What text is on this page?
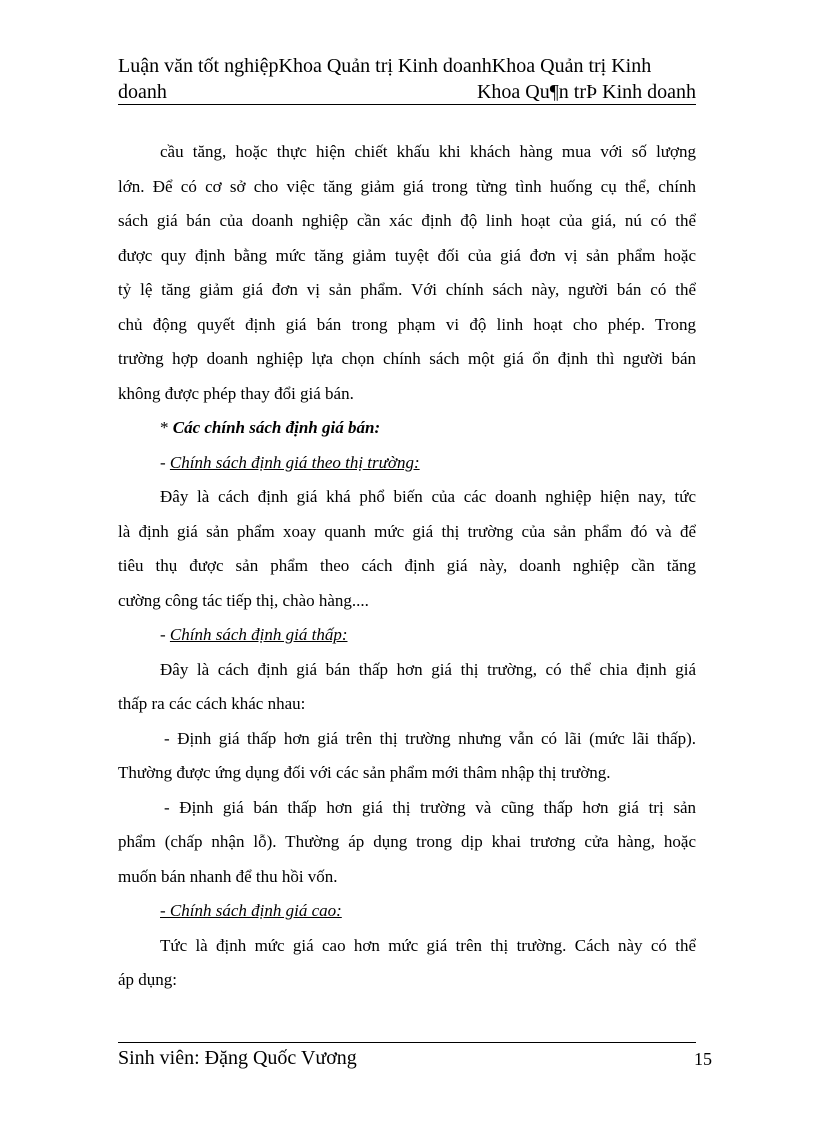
Luận văn tốt nghiệpKhoa Quản trị Kinh doanhKhoa Quản trị Kinh
doanh	Khoa Qu¶n trÞ Kinh doanh

cầu tăng, hoặc thực hiện chiết khấu khi khách hàng mua với số lượng

lớn. Để có cơ sở cho việc tăng giảm giá trong từng tình huống cụ thể, chính

sách giá bán của doanh nghiệp cần xác định độ linh hoạt của giá, nú có thể

được quy định bằng mức tăng giảm tuyệt đối của giá đơn vị sản phẩm hoặc

tỷ lệ tăng giảm giá đơn vị sản phẩm. Với chính sách này, người bán có thể

chủ động quyết định giá bán trong phạm vi độ linh hoạt cho phép. Trong

trường hợp doanh nghiệp lựa chọn chính sách một giá ổn định thì người bán

không được phép thay đổi giá bán.

* Các chính sách định giá bán:

- Chính sách định giá theo thị trường:

Đây là cách định giá khá phổ biến của các doanh nghiệp hiện nay, tức

là định giá sản phẩm xoay quanh mức giá thị trường của sản phẩm đó và để

tiêu thụ được sản phẩm theo cách định giá này, doanh nghiệp cần tăng

cường công tác tiếp thị, chào hàng....

- Chính sách định giá thấp:

Đây là cách định giá bán thấp hơn giá thị trường, có thể chia định giá

thấp ra các cách khác nhau:

- Định giá thấp hơn giá trên thị trường nhưng vẫn có lãi (mức lãi thấp).

Thường được ứng dụng đối với các sản phẩm mới thâm nhập thị trường.

- Định giá bán thấp hơn giá thị trường và cũng thấp hơn giá trị sản

phẩm (chấp nhận lỗ). Thường áp dụng trong dịp khai trương cửa hàng, hoặc

muốn bán nhanh để thu hồi vốn.

- Chính sách định giá cao:

Tức là định mức giá cao hơn mức giá trên thị trường. Cách này có thể

áp dụng:

Sinh viên: Đặng Quốc Vương	15
